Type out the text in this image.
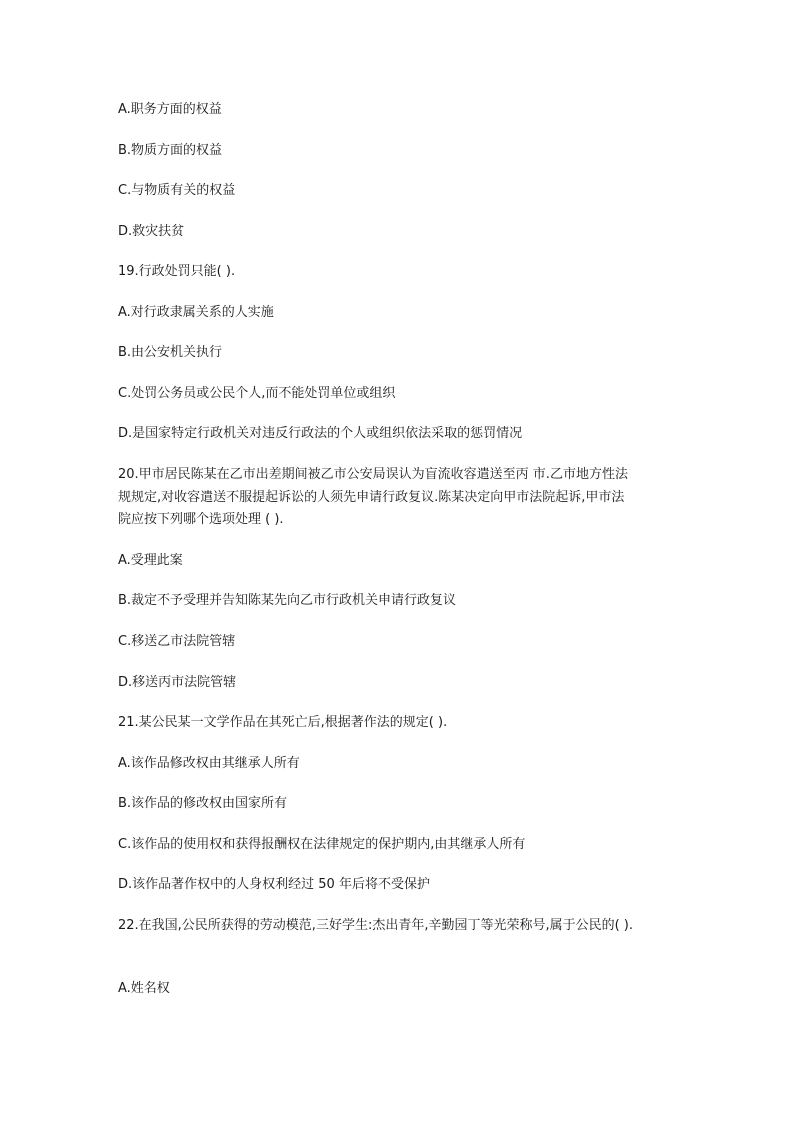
A.职务方面的权益
B.物质方面的权益
C.与物质有关的权益
D.救灾扶贫
19.行政处罚只能( ).
A.对行政隶属关系的人实施
B.由公安机关执行
C.处罚公务员或公民个人,而不能处罚单位或组织
D.是国家特定行政机关对违反行政法的个人或组织依法采取的惩罚情况
20.甲市居民陈某在乙市出差期间被乙市公安局误认为盲流收容遣送至丙 市.乙市地方性法
规规定,对收容遣送不服提起诉讼的人须先申请行政复议.陈某决定向甲市法院起诉,甲市法
院应按下列哪个选项处理 ( ).
A.受理此案
B.裁定不予受理并告知陈某先向乙市行政机关申请行政复议
C.移送乙市法院管辖
D.移送丙市法院管辖
21.某公民某一文学作品在其死亡后,根据著作法的规定( ).
A.该作品修改权由其继承人所有
B.该作品的修改权由国家所有
C.该作品的使用权和获得报酬权在法律规定的保护期内,由其继承人所有
D.该作品著作权中的人身权利经过 50 年后将不受保护
22.在我国,公民所获得的劳动模范,三好学生:杰出青年,辛勤园丁等光荣称号,属于公民的( ).
A.姓名权
